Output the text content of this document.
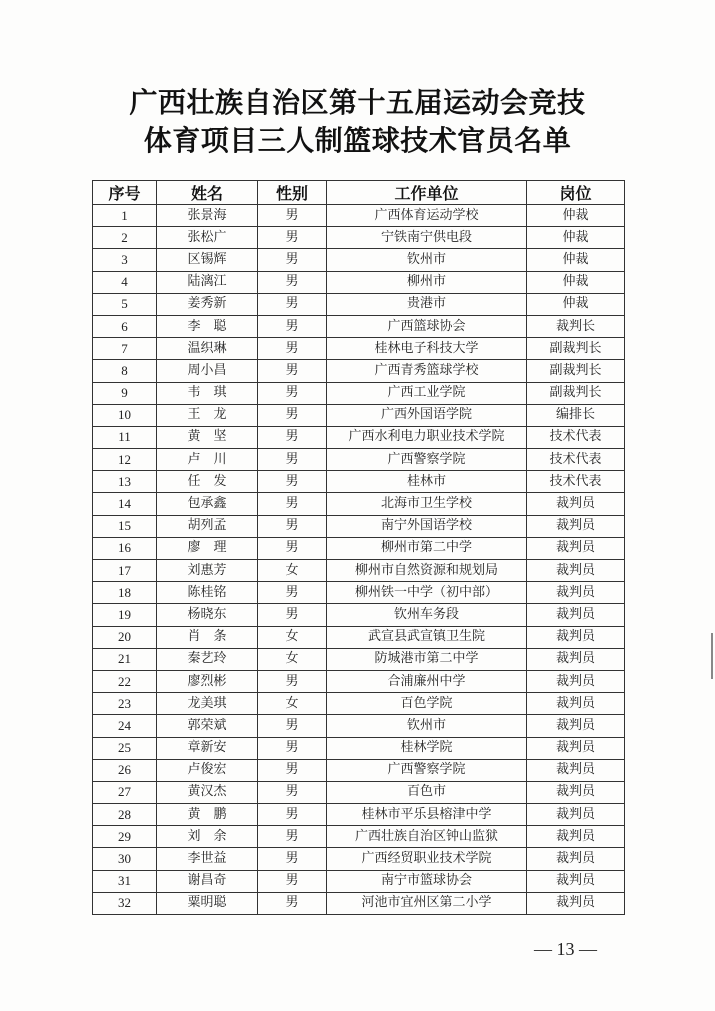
广西壮族自治区第十五届运动会竞技
体育项目三人制篮球技术官员名单
序号	姓名	性别	工作单位	岗位
1	张景海	男	广西体育运动学校	仲裁
2	张松广	男	宁铁南宁供电段	仲裁
3	区锡辉	男	钦州市	仲裁
4	陆漓江	男	柳州市	仲裁
5	姜秀新	男	贵港市	仲裁
6	李　聪	男	广西篮球协会	裁判长
7	温织琳	男	桂林电子科技大学	副裁判长
8	周小昌	男	广西青秀篮球学校	副裁判长
9	韦　琪	男	广西工业学院	副裁判长
10	王　龙	男	广西外国语学院	编排长
11	黄　坚	男	广西水利电力职业技术学院	技术代表
12	卢　川	男	广西警察学院	技术代表
13	任　发	男	桂林市	技术代表
14	包承鑫	男	北海市卫生学校	裁判员
15	胡列孟	男	南宁外国语学校	裁判员
16	廖　理	男	柳州市第二中学	裁判员
17	刘惠芳	女	柳州市自然资源和规划局	裁判员
18	陈桂铭	男	柳州铁一中学（初中部）	裁判员
19	杨晓东	男	钦州车务段	裁判员
20	肖　条	女	武宣县武宣镇卫生院	裁判员
21	秦艺玲	女	防城港市第二中学	裁判员
22	廖烈彬	男	合浦廉州中学	裁判员
23	龙美琪	女	百色学院	裁判员
24	郭荣斌	男	钦州市	裁判员
25	章新安	男	桂林学院	裁判员
26	卢俊宏	男	广西警察学院	裁判员
27	黄汉杰	男	百色市	裁判员
28	黄　鹏	男	桂林市平乐县榕津中学	裁判员
29	刘　余	男	广西壮族自治区钟山监狱	裁判员
30	李世益	男	广西经贸职业技术学院	裁判员
31	谢昌奇	男	南宁市篮球协会	裁判员
32	粟明聪	男	河池市宜州区第二小学	裁判员
— 13 —
